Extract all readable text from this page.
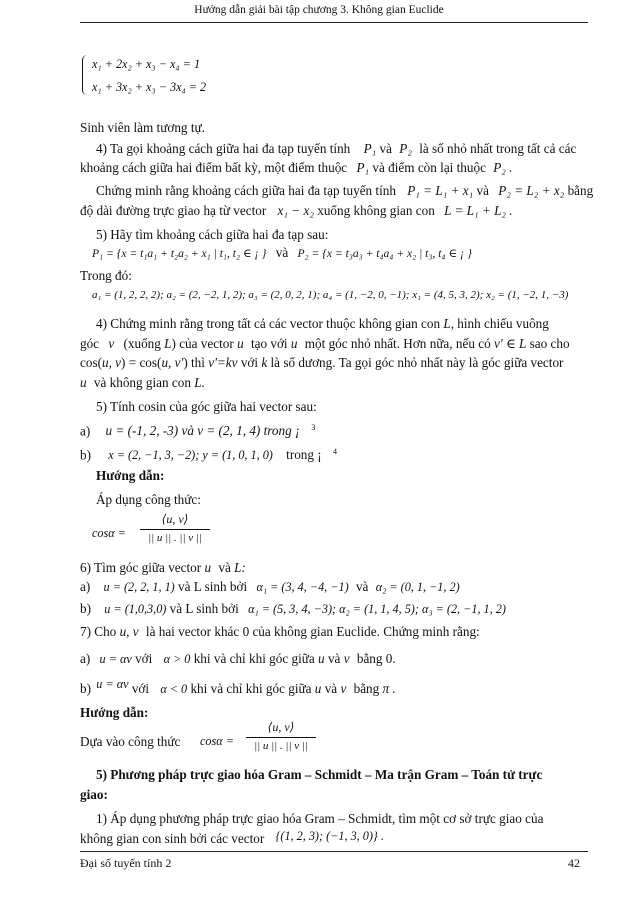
Hướng dẫn giải bài tập chương 3. Không gian Euclide
x₁ + 2x₂ + x₃ − x₄ = 1
x₁ + 3x₂ + x₃ − 3x₄ = 2
Sinh viên làm tương tự.
4) Ta gọi khoảng cách giữa hai đa tạp tuyến tính P₁ và P₂ là số nhỏ nhất trong tất cả các
khoảng cách giữa hai điểm bất kỳ, một điểm thuộc P₁ và điểm còn lại thuộc P₂ .
Chứng minh rằng khoảng cách giữa hai đa tạp tuyến tính P₁ = L₁ + x₁ và P₂ = L₂ + x₂ bằng
độ dài đường trực giao hạ từ vector x₁ − x₂ xuống không gian con L = L₁ + L₂ .
5) Hãy tìm khoảng cách giữa hai đa tạp sau:
P₁ = {x = t₁a₁ + t₂a₂ + x₁ | t₁, t₂ ∈ ¡ } và P₂ = {x = t₃a₃ + t₄a₄ + x₂ | t₃, t₄ ∈ ¡ }
Trong đó:
a₁ = (1, 2, 2, 2); a₂ = (2, −2, 1, 2); a₃ = (2, 0, 2, 1); a₄ = (1, −2, 0, −1); x₁ = (4, 5, 3, 2); x₂ = (1, −2, 1, −3)
4) Chứng minh rằng trong tất cả các vector thuộc không gian con L, hình chiếu vuông
góc v (xuống L) của vector u tạo với u một góc nhỏ nhất. Hơn nữa, nếu có v' ∈ L sao cho
cos(u, v) = cos(u, v') thì v'=kv với k là số dương. Ta gọi góc nhỏ nhất này là góc giữa vector
u và không gian con L.
5) Tính cosin của góc giữa hai vector sau:
a) u = (-1, 2, -3) và v = (2, 1, 4) trong ¡ $^3$
b) x = (2, −1, 3, −2); y = (1, 0, 1, 0) trong ¡ $^4$
Hướng dẫn:
Áp dụng công thức:
cosα =
⟨u, v⟩
|| u || . || v ||
6) Tìm góc giữa vector u và L:
a) u = (2, 2, 1, 1) và L sinh bởi α₁ = (3, 4, −4, −1) và α₂ = (0, 1, −1, 2)
b) u = (1,0,3,0) và L sinh bởi α₁ = (5, 3, 4, −3); α₂ = (1, 1, 4, 5); α₃ = (2, −1, 1, 2)
7) Cho u, v là hai vector khác 0 của không gian Euclide. Chứng minh rằng:
a) u = αv với α > 0 khi và chỉ khi góc giữa u và v bằng 0.
b) u = αv với α < 0 khi và chỉ khi góc giữa u và v bằng π .
Hướng dẫn:
Dựa vào công thức cosα =
⟨u, v⟩
|| u || . || v ||
5) Phương pháp trực giao hóa Gram – Schmidt – Ma trận Gram – Toán tử trực
giao:
1) Áp dụng phương pháp trực giao hóa Gram – Schmidt, tìm một cơ sở trực giao của
không gian con sinh bởi các vector {(1, 2, 3); (−1, 3, 0)} .
Đại số tuyến tính 2	42
